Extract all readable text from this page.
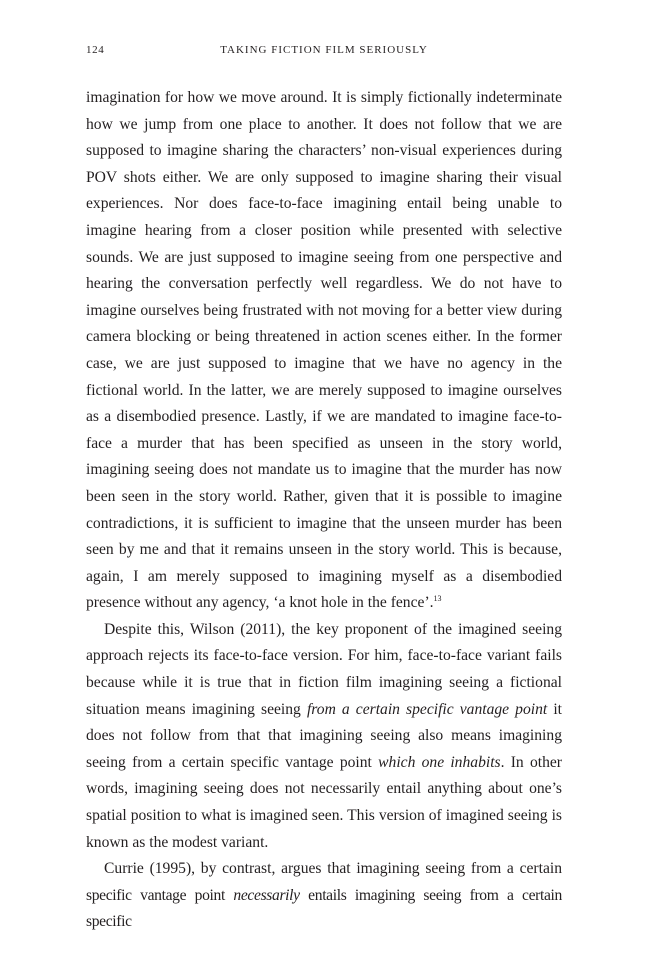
124	TAKING FICTION FILM SERIOUSLY

imagination for how we move around. It is simply fictionally indeterminate how we jump from one place to another. It does not follow that we are supposed to imagine sharing the characters’ non-visual experiences during POV shots either. We are only supposed to imagine sharing their visual experiences. Nor does face-to-face imagining entail being unable to imagine hearing from a closer position while presented with selective sounds. We are just supposed to imagine seeing from one perspective and hearing the conversation perfectly well regardless. We do not have to imagine ourselves being frustrated with not moving for a better view during camera blocking or being threatened in action scenes either. In the former case, we are just supposed to imagine that we have no agency in the fictional world. In the latter, we are merely supposed to imagine ourselves as a disembodied presence. Lastly, if we are mandated to imagine face-to-face a murder that has been specified as unseen in the story world, imagining seeing does not mandate us to imagine that the murder has now been seen in the story world. Rather, given that it is possible to imagine contradictions, it is sufficient to imagine that the unseen murder has been seen by me and that it remains unseen in the story world. This is because, again, I am merely supposed to imagining myself as a disembodied presence without any agency, ‘a knot hole in the fence’.$^{13}$

Despite this, Wilson (2011), the key proponent of the imagined seeing approach rejects its face-to-face version. For him, face-to-face variant fails because while it is true that in fiction film imagining seeing a fictional situation means imagining seeing from a certain specific vantage point it does not follow from that that imagining seeing also means imagining seeing from a certain specific vantage point which one inhabits. In other words, imagining seeing does not necessarily entail anything about one’s spatial position to what is imagined seen. This version of imagined seeing is known as the modest variant.

Currie (1995), by contrast, argues that imagining seeing from a certain specific vantage point necessarily entails imagining seeing from a certain specific
